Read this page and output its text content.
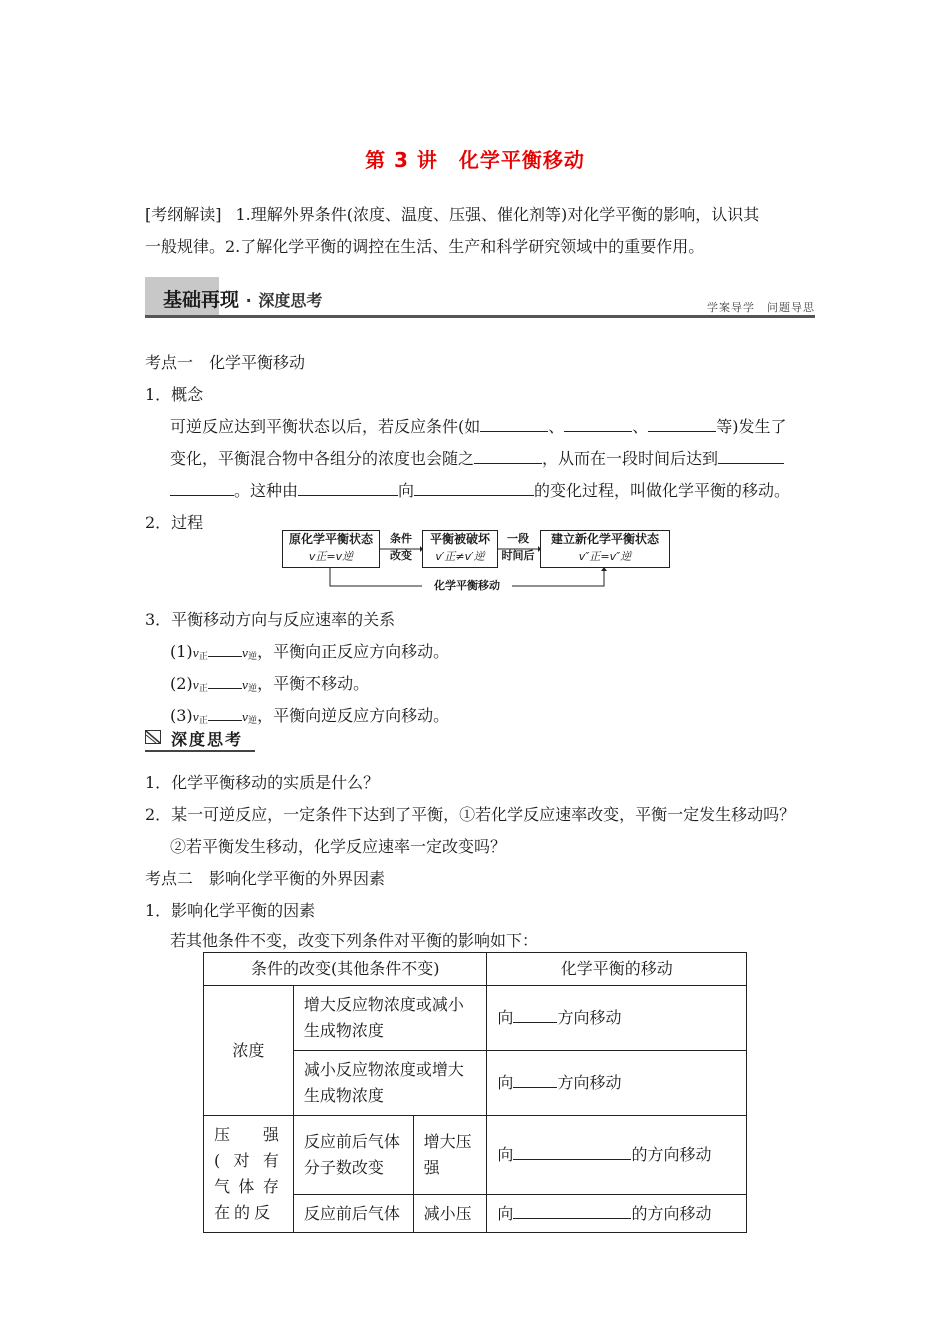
第 3 讲　化学平衡移动
[考纲解读] 1.理解外界条件(浓度、温度、压强、催化剂等)对化学平衡的影响，认识其
一般规律。2.了解化学平衡的调控在生活、生产和科学研究领域中的重要作用。
基础再现 · 深度思考	学案导学　问题导思
考点一　化学平衡移动
1．概念
可逆反应达到平衡状态以后，若反应条件(如	、	、	等)发生了
变化，平衡混合物中各组分的浓度也会随之	，从而在一段时间后达到
。这种由	向	的变化过程，叫做化学平衡的移动。
2．过程
原化学平衡状态
v正=v逆
条件
改变
平衡被破坏
v′正≠v′逆
一段
时间后
建立新化学平衡状态
v″正=v″逆
化学平衡移动
3．平衡移动方向与反应速率的关系
$(1)v_正$	$v_逆$，平衡向正反应方向移动。
$(2)v_正$	$v_逆$，平衡不移动。
$(3)v_正$	$v_逆$，平衡向逆反应方向移动。
深度思考
1．化学平衡移动的实质是什么？
2．某一可逆反应，一定条件下达到了平衡，①若化学反应速率改变，平衡一定发生移动吗？
②若平衡发生移动，化学反应速率一定改变吗？
考点二　影响化学平衡的外界因素
1．影响化学平衡的因素
若其他条件不变，改变下列条件对平衡的影响如下：
条件的改变(其他条件不变)			化学平衡的移动
浓度	增大反应物浓度或减小生成物浓度		向 方向移动
	减小反应物浓度或增大生成物浓度		向 方向移动
压强(对有气体存在的反	反应前后气体分子数改变	增大压强	向 的方向移动
	反应前后气体	减小压	向 的方向移动
